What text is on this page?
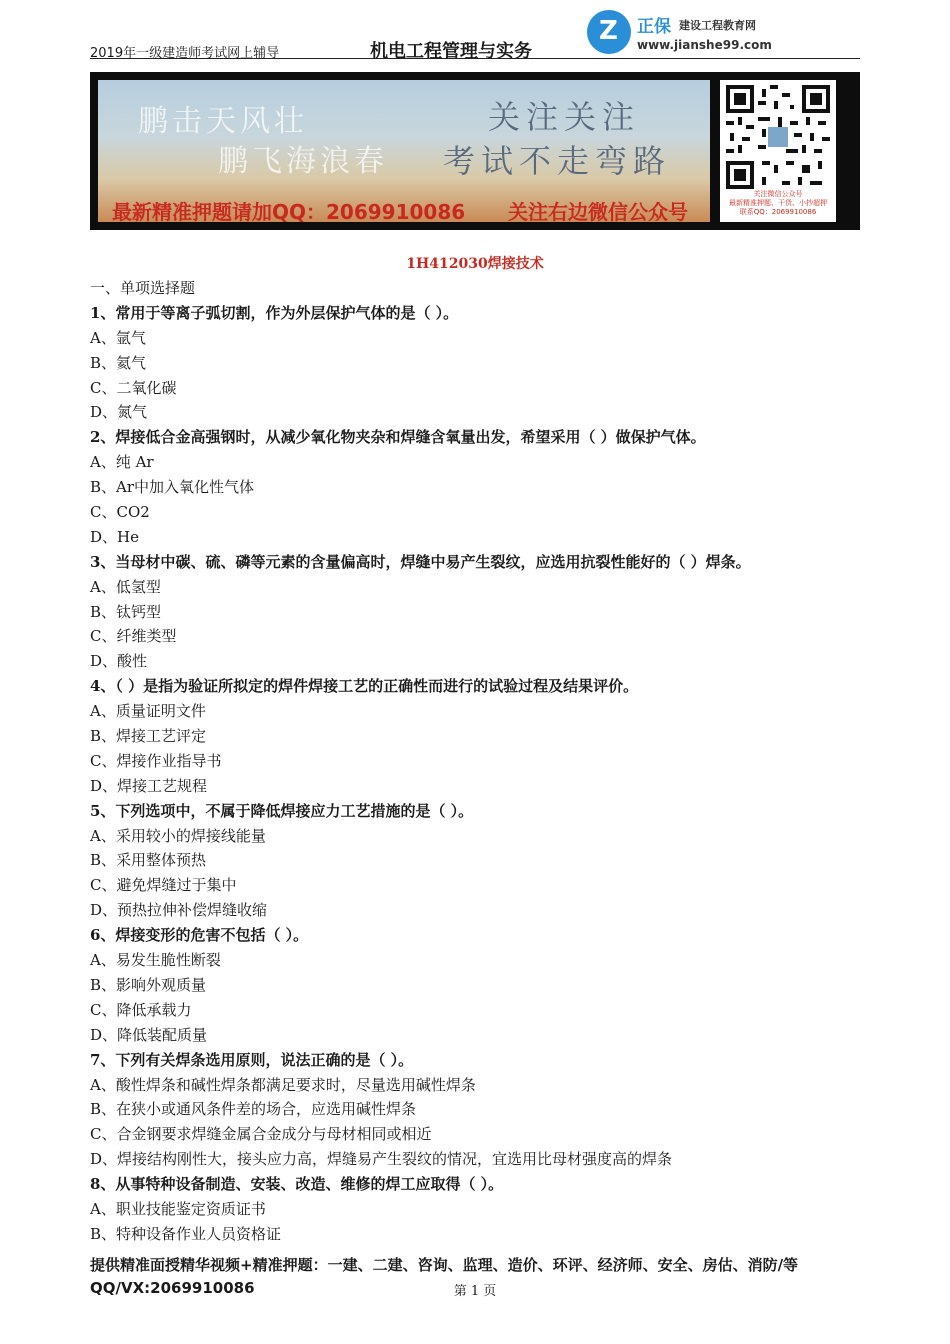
2019年一级建造师考试网上辅导	机电工程管理与实务
Z 正保 建设工程教育网
www.jianshe99.com
鹏击天风壮
鹏飞海浪春
关注关注
考试不走弯路
最新精准押题请加QQ：2069910086 关注右边微信公众号
关注微信公众号
最新精准押题、干货、小抄超押
联系QQ：2069910086
1H412030焊接技术
一、单项选择题
1、常用于等离子弧切割，作为外层保护气体的是（ ）。
A、氩气
B、氦气
C、二氧化碳
D、氮气
2、焊接低合金高强钢时，从减少氧化物夹杂和焊缝含氧量出发，希望采用（ ）做保护气体。
A、纯 Ar
B、Ar中加入氧化性气体
C、CO2
D、He
3、当母材中碳、硫、磷等元素的含量偏高时，焊缝中易产生裂纹，应选用抗裂性能好的（ ）焊条。
A、低氢型
B、钛钙型
C、纤维类型
D、酸性
4、（ ）是指为验证所拟定的焊件焊接工艺的正确性而进行的试验过程及结果评价。
A、质量证明文件
B、焊接工艺评定
C、焊接作业指导书
D、焊接工艺规程
5、下列选项中，不属于降低焊接应力工艺措施的是（ ）。
A、采用较小的焊接线能量
B、采用整体预热
C、避免焊缝过于集中
D、预热拉伸补偿焊缝收缩
6、焊接变形的危害不包括（ ）。
A、易发生脆性断裂
B、影响外观质量
C、降低承载力
D、降低装配质量
7、下列有关焊条选用原则，说法正确的是（ ）。
A、酸性焊条和碱性焊条都满足要求时，尽量选用碱性焊条
B、在狭小或通风条件差的场合，应选用碱性焊条
C、合金钢要求焊缝金属合金成分与母材相同或相近
D、焊接结构刚性大，接头应力高，焊缝易产生裂纹的情况，宜选用比母材强度高的焊条
8、从事特种设备制造、安装、改造、维修的焊工应取得（ ）。
A、职业技能鉴定资质证书
B、特种设备作业人员资格证
提供精准面授精华视频+精准押题：一建、二建、咨询、监理、造价、环评、经济师、安全、房估、消防/等
QQ/VX:2069910086	第 1 页
